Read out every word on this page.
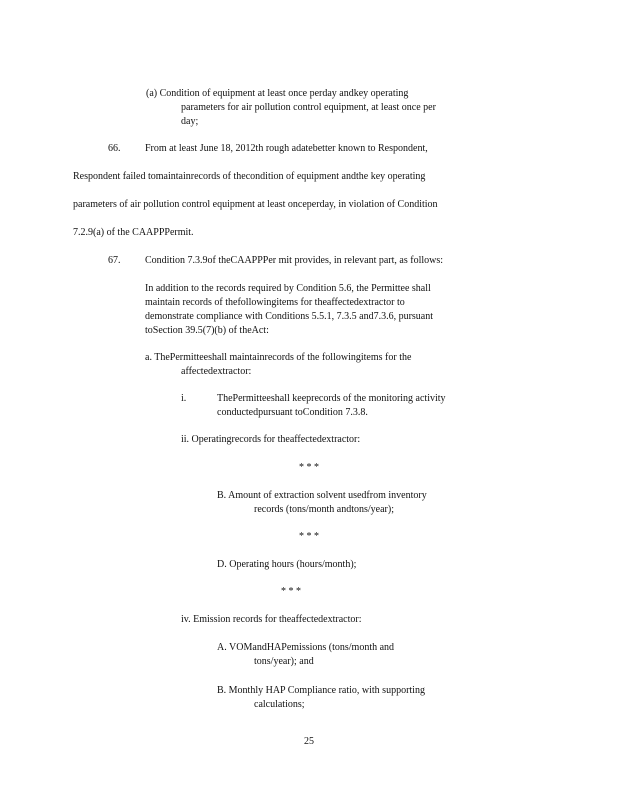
(a) Condition of equipment at least once perday andkey operating
parameters for air pollution control equipment, at least once per
day;
66. From at least June 18, 2012th rough adatebetter known to Respondent,
Respondent failed tomaintainrecords of thecondition of equipment andthe key operating
parameters of air pollution control equipment at least onceperday, in violation of Condition
7.2.9(a) of the CAAPPPermit.
67. Condition 7.3.9of theCAAPPPer mit provides, in relevant part, as follows:
In addition to the records required by Condition 5.6, the Permittee shall
maintain records of thefollowingitems for theaffectedextractor to
demonstrate compliance with Conditions 5.5.1, 7.3.5 and7.3.6, pursuant
toSection 39.5(7)(b) of theAct:
a. ThePermitteeshall maintainrecords of the followingitems for the
affectedextractor:
i.	ThePermitteeshall keeprecords of the monitoring activity
conductedpursuant toCondition 7.3.8.
ii. Operatingrecords for theaffectedextractor:
* * *
B. Amount of extraction solvent usedfrom inventory
records (tons/month andtons/year);
* * *
D. Operating hours (hours/month);
* * *
iv. Emission records for theaffectedextractor:
A. VOMandHAPemissions (tons/month and
tons/year); and
B. Monthly HAP Compliance ratio, with supporting
calculations;
25
